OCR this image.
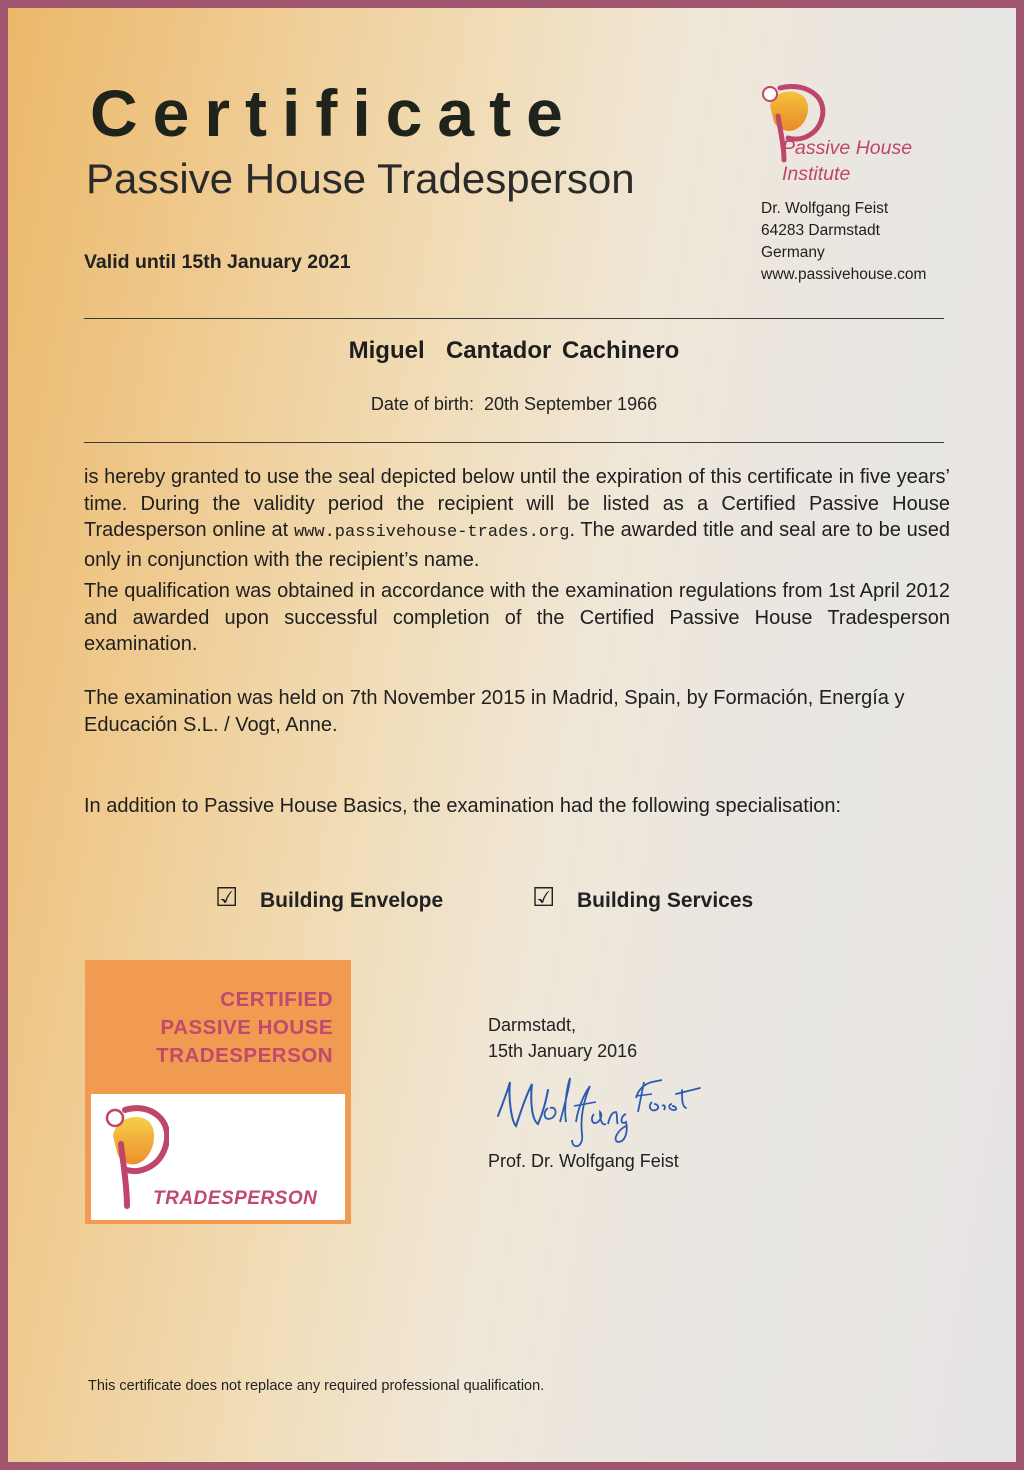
Certificate
Passive House Tradesperson
Valid until 15th January 2021
Passive House
Institute
Dr. Wolfgang Feist
64283 Darmstadt
Germany
www.passivehouse.com
Miguel  Cantador Cachinero
Date of birth: 20th September 1966
is hereby granted to use the seal depicted below until the expiration of this certificate in five years’ time. During the validity period the recipient will be listed as a Certified Passive House Tradesperson online at www.passivehouse-trades.org. The awarded title and seal are to be used only in conjunction with the recipient’s name.
The qualification was obtained in accordance with the examination regulations from 1st April 2012 and awarded upon successful completion of the Certified Passive House Tradesperson examination.
The examination was held on 7th November 2015 in Madrid, Spain, by Formación, Energía y Educación S.L. / Vogt, Anne.
In addition to Passive House Basics, the examination had the following specialisation:
☑ Building Envelope	☑ Building Services
CERTIFIED
PASSIVE HOUSE
TRADESPERSON
TRADESPERSON
Darmstadt,
15th January 2016
Prof. Dr. Wolfgang Feist
This certificate does not replace any required professional qualification.
